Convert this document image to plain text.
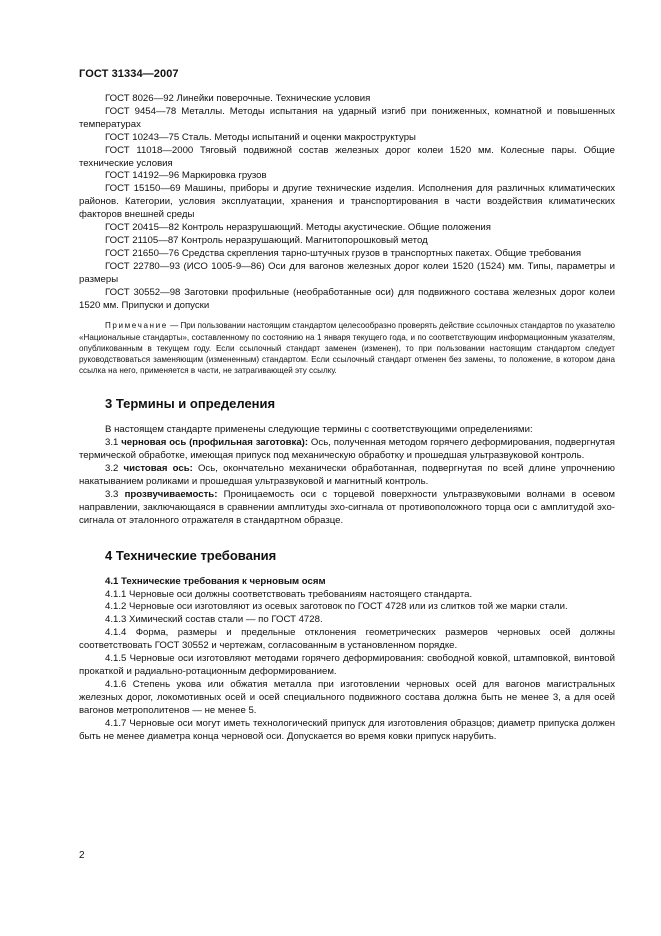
ГОСТ 31334—2007

ГОСТ 8026—92 Линейки поверочные. Технические условия

ГОСТ 9454—78 Металлы. Методы испытания на ударный изгиб при пониженных, комнатной и повышенных температурах

ГОСТ 10243—75 Сталь. Методы испытаний и оценки макроструктуры

ГОСТ 11018—2000 Тяговый подвижной состав железных дорог колеи 1520 мм. Колесные пары. Общие технические условия

ГОСТ 14192—96 Маркировка грузов

ГОСТ 15150—69 Машины, приборы и другие технические изделия. Исполнения для различных климатических районов. Категории, условия эксплуатации, хранения и транспортирования в части воздействия климатических факторов внешней среды

ГОСТ 20415—82 Контроль неразрушающий. Методы акустические. Общие положения

ГОСТ 21105—87 Контроль неразрушающий. Магнитопорошковый метод

ГОСТ 21650—76 Средства скрепления тарно-штучных грузов в транспортных пакетах. Общие требования

ГОСТ 22780—93 (ИСО 1005-9—86) Оси для вагонов железных дорог колеи 1520 (1524) мм. Типы, параметры и размеры

ГОСТ 30552—98 Заготовки профильные (необработанные оси) для подвижного состава железных дорог колеи 1520 мм. Припуски и допуски

Примечание — При пользовании настоящим стандартом целесообразно проверять действие ссылочных стандартов по указателю «Национальные стандарты», составленному по состоянию на 1 января текущего года, и по соответствующим информационным указателям, опубликованным в текущем году. Если ссылочный стандарт заменен (изменен), то при пользовании настоящим стандартом следует руководствоваться заменяющим (измененным) стандартом. Если ссылочный стандарт отменен без замены, то положение, в котором дана ссылка на него, применяется в части, не затрагивающей эту ссылку.

3 Термины и определения

В настоящем стандарте применены следующие термины с соответствующими определениями:

3.1 черновая ось (профильная заготовка): Ось, полученная методом горячего деформирования, подвергнутая термической обработке, имеющая припуск под механическую обработку и прошедшая ультразвуковой контроль.

3.2 чистовая ось: Ось, окончательно механически обработанная, подвергнутая по всей длине упрочнению накатыванием роликами и прошедшая ультразвуковой и магнитный контроль.

3.3 прозвучиваемость: Проницаемость оси с торцевой поверхности ультразвуковыми волнами в осевом направлении, заключающаяся в сравнении амплитуды эхо-сигнала от противоположного торца оси с амплитудой эхо-сигнала от эталонного отражателя в стандартном образце.

4 Технические требования
4.1 Технические требования к черновым осям

4.1.1 Черновые оси должны соответствовать требованиям настоящего стандарта.

4.1.2 Черновые оси изготовляют из осевых заготовок по ГОСТ 4728 или из слитков той же марки стали.

4.1.3 Химический состав стали — по ГОСТ 4728.

4.1.4 Форма, размеры и предельные отклонения геометрических размеров черновых осей должны соответствовать ГОСТ 30552 и чертежам, согласованным в установленном порядке.

4.1.5 Черновые оси изготовляют методами горячего деформирования: свободной ковкой, штамповкой, винтовой прокаткой и радиально-ротационным деформированием.

4.1.6 Степень укова или обжатия металла при изготовлении черновых осей для вагонов магистральных железных дорог, локомотивных осей и осей специального подвижного состава должна быть не менее 3, а для осей вагонов метрополитенов — не менее 5.

4.1.7 Черновые оси могут иметь технологический припуск для изготовления образцов; диаметр припуска должен быть не менее диаметра конца черновой оси. Допускается во время ковки припуск нарубить.

2
